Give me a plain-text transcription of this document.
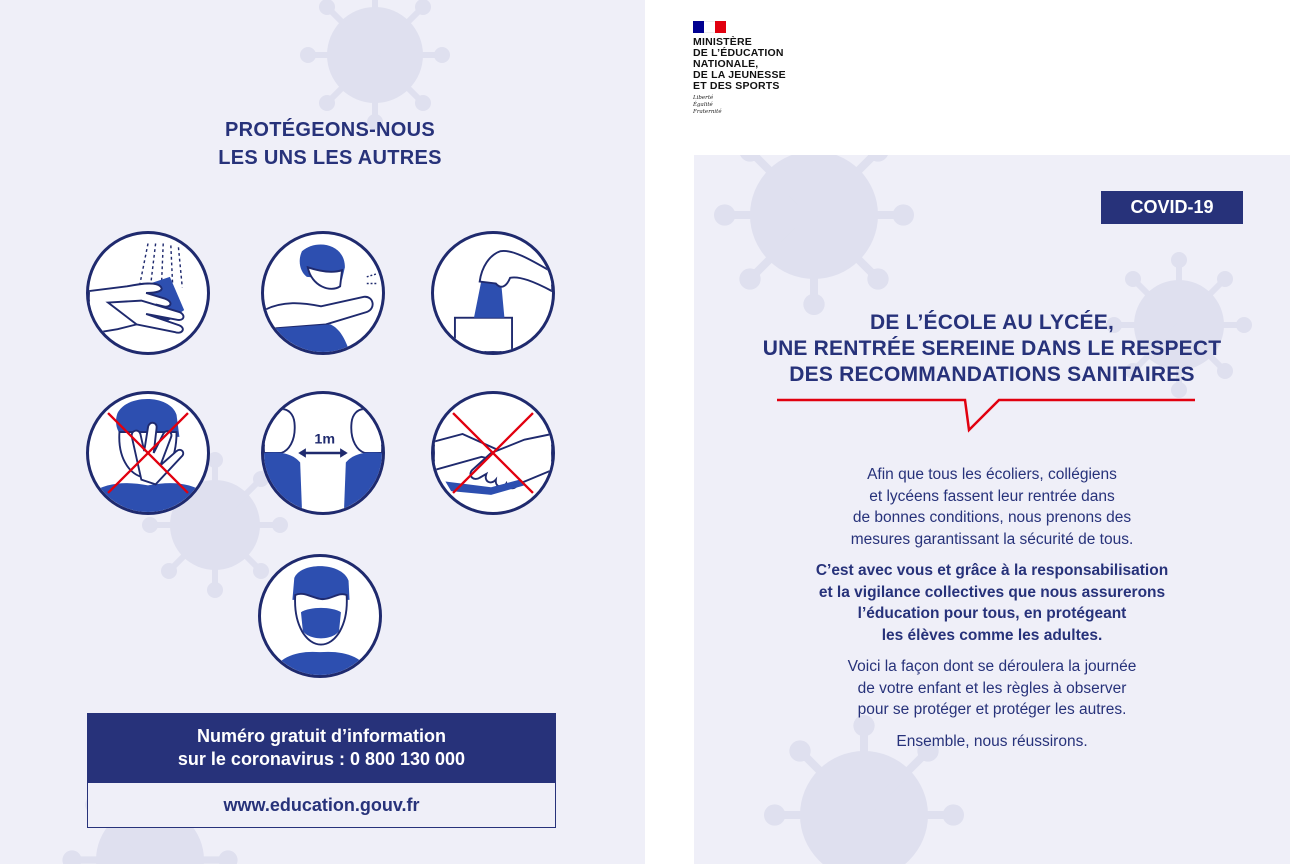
PROTÉGEONS-NOUS
LES UNS LES AUTRES
1m
Numéro gratuit d’information
sur le coronavirus : 0 800 130 000
www.education.gouv.fr
MINISTÈRE
DE L’ÉDUCATION
NATIONALE,
DE LA JEUNESSE
ET DES SPORTS
Liberté
Égalité
Fraternité
COVID-19
DE L’ÉCOLE AU LYCÉE,
UNE RENTRÉE SEREINE DANS LE RESPECT
DES RECOMMANDATIONS SANITAIRES

Afin que tous les écoliers, collégiens
et lycéens fassent leur rentrée dans
de bonnes conditions, nous prenons des
mesures garantissant la sécurité de tous.

C’est avec vous et grâce à la responsabilisation
et la vigilance collectives que nous assurerons
l’éducation pour tous, en protégeant
les élèves comme les adultes.

Voici la façon dont se déroulera la journée
de votre enfant et les règles à observer
pour se protéger et protéger les autres.

Ensemble, nous réussirons.
